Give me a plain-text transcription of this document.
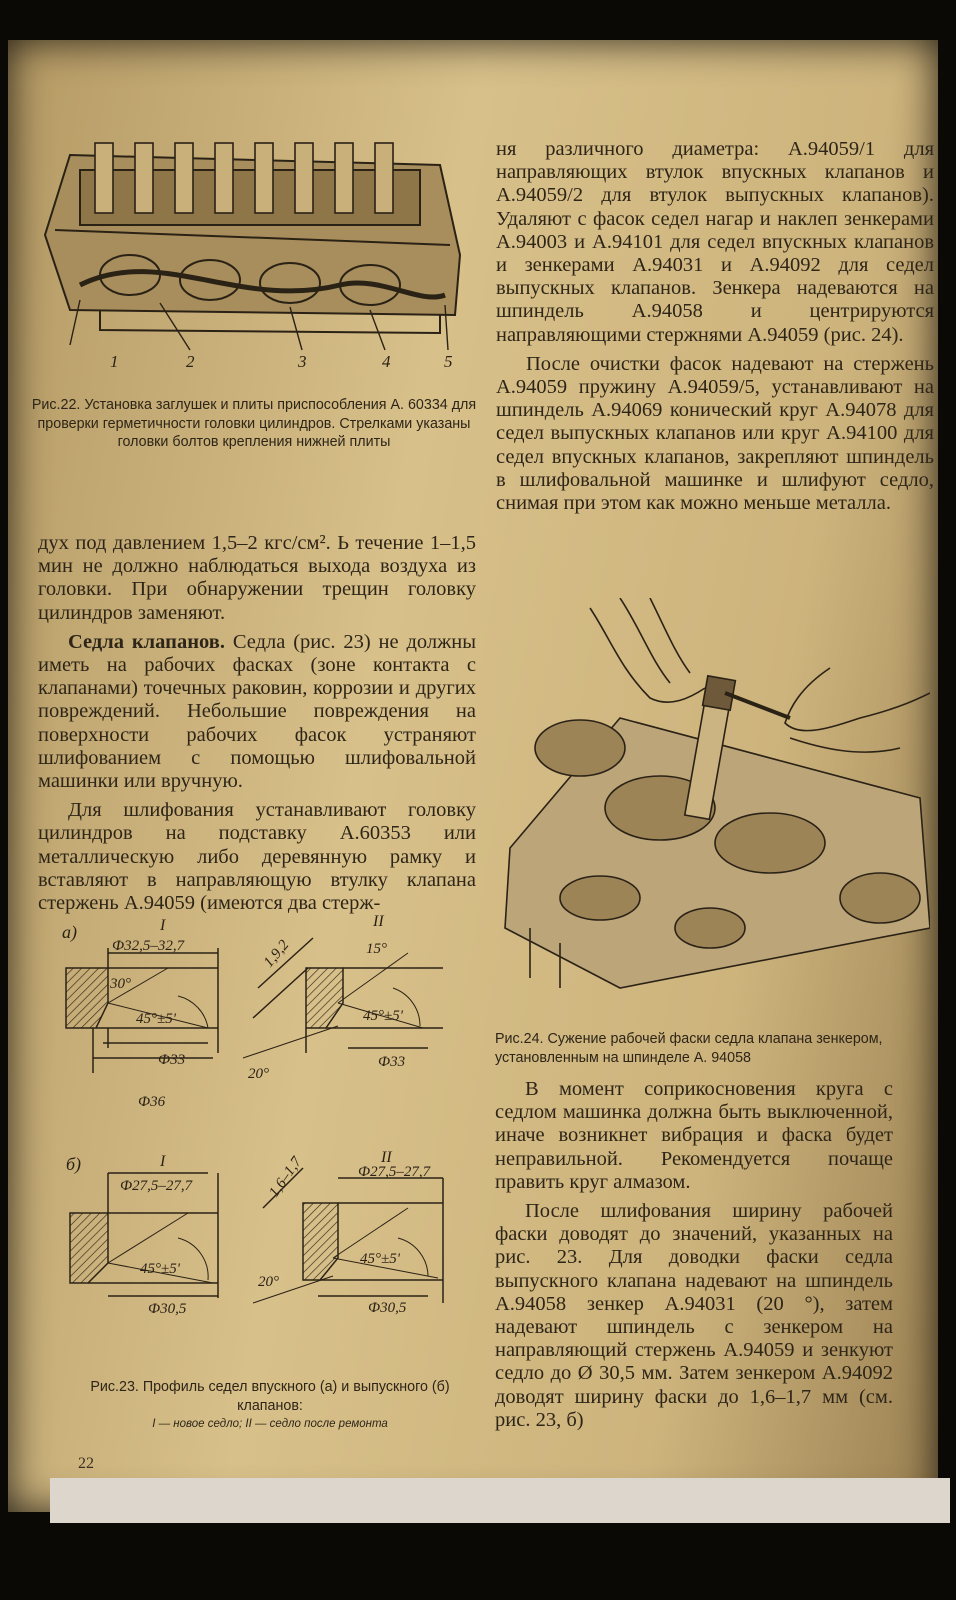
1	2	3	4	5
Рис.22. Установка заглушек и плиты приспособления А. 60334 для проверки герметичности головки цилиндров. Стрелками указаны головки болтов крепления нижней плиты

дух под давлением 1,5–2 кгс/см². Ь течение 1–1,5 мин не должно наблюдаться выхода воздуха из головки. При обнаружении трещин головку цилиндров заменяют.

Седла клапанов. Седла (рис. 23) не должны иметь на рабочих фасках (зоне контакта с клапанами) точечных раковин, коррозии и других повреждений. Небольшие повреждения на поверхности рабочих фасок устраняют шлифованием с помощью шлифовальной машинки или вручную.

Для шлифования устанавливают головку цилиндров на подставку А.60353 или металлическую либо деревянную рамку и вставляют в направляющую втулку клапана стержень А.94059 (имеются два стерж-

а)	I	II
Ф32,5–32,7
30°
45°±5'
1,9,2	15°
45°±5'
20°
Ф33	Ф33
Ф36
б)	I	II
Ф27,5–27,7	1,6–1,7	Ф27,5–27,7
45°±5'
45°±5'
20°
Ф30,5	Ф30,5
Рис.23. Профиль седел впускного (а) и выпускного (б) клапанов:
I — новое седло; II — седло после ремонта

ня различного диаметра: А.94059/1 для направляющих втулок впускных клапанов и А.94059/2 для втулок выпускных клапанов). Удаляют с фасок седел нагар и наклеп зенкерами А.94003 и А.94101 для седел впускных клапанов и зенкерами А.94031 и А.94092 для седел выпускных клапанов. Зенкера надеваются на шпиндель А.94058 и центрируются направляющими стержнями А.94059 (рис. 24).

После очистки фасок надевают на стержень А.94059 пружину А.94059/5, устанавливают на шпиндель А.94069 конический круг А.94078 для седел выпускных клапанов или круг А.94100 для седел впускных клапанов, закрепляют шпиндель в шлифовальной машинке и шлифуют седло, снимая при этом как можно меньше металла.

Рис.24. Сужение рабочей фаски седла клапана зенкером, установленным на шпинделе А. 94058

В момент соприкосновения круга с седлом машинка должна быть выключенной, иначе возникнет вибрация и фаска будет неправильной. Рекомендуется почаще править круг алмазом.

После шлифования ширину рабочей фаски доводят до значений, указанных на рис. 23. Для доводки фаски седла выпускного клапана надевают на шпиндель А.94058 зенкер А.94031 (20 °), затем надевают шпиндель с зенкером на направляющий стержень А.94059 и зенкуют седло до Ø 30,5 мм. Затем зенкером А.94092 доводят ширину фаски до 1,6–1,7 мм (см. рис. 23, б)

22
